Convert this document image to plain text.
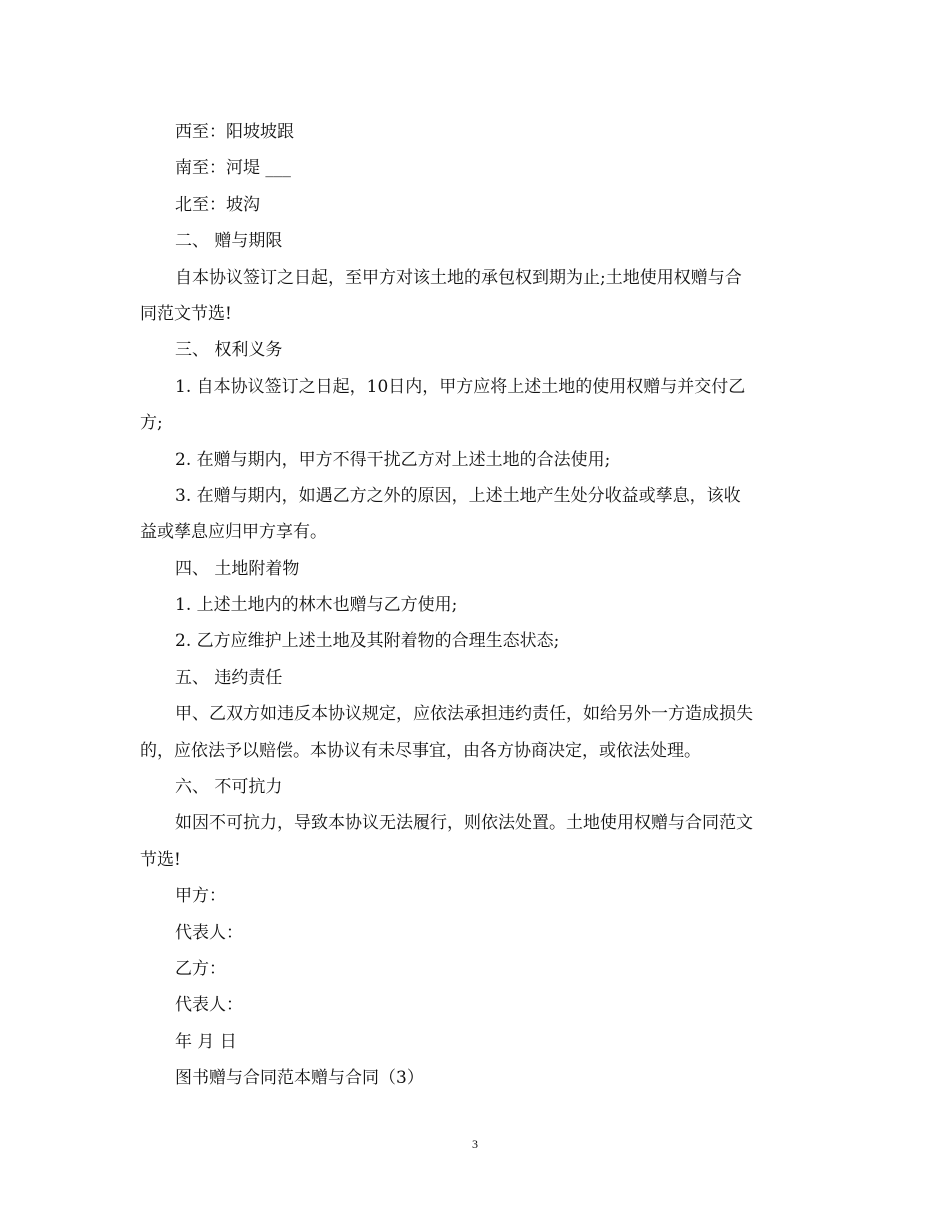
西至：阳坡坡跟

南至：河堤 ___

北至：坡沟

二、 赠与期限

自本协议签订之日起，至甲方对该土地的承包权到期为止;土地使用权赠与合

同范文节选!

三、 权利义务

1. 自本协议签订之日起，10日内，甲方应将上述土地的使用权赠与并交付乙

方;

2. 在赠与期内，甲方不得干扰乙方对上述土地的合法使用;

3. 在赠与期内，如遇乙方之外的原因，上述土地产生处分收益或孳息，该收

益或孳息应归甲方享有。

四、 土地附着物

1. 上述土地内的林木也赠与乙方使用;

2. 乙方应维护上述土地及其附着物的合理生态状态;

五、 违约责任

甲、乙双方如违反本协议规定，应依法承担违约责任，如给另外一方造成损失

的，应依法予以赔偿。本协议有未尽事宜，由各方协商决定，或依法处理。

六、 不可抗力

如因不可抗力，导致本协议无法履行，则依法处置。土地使用权赠与合同范文

节选!

甲方：

代表人：

乙方：

代表人：

年 月 日

图书赠与合同范本赠与合同（3）

3
